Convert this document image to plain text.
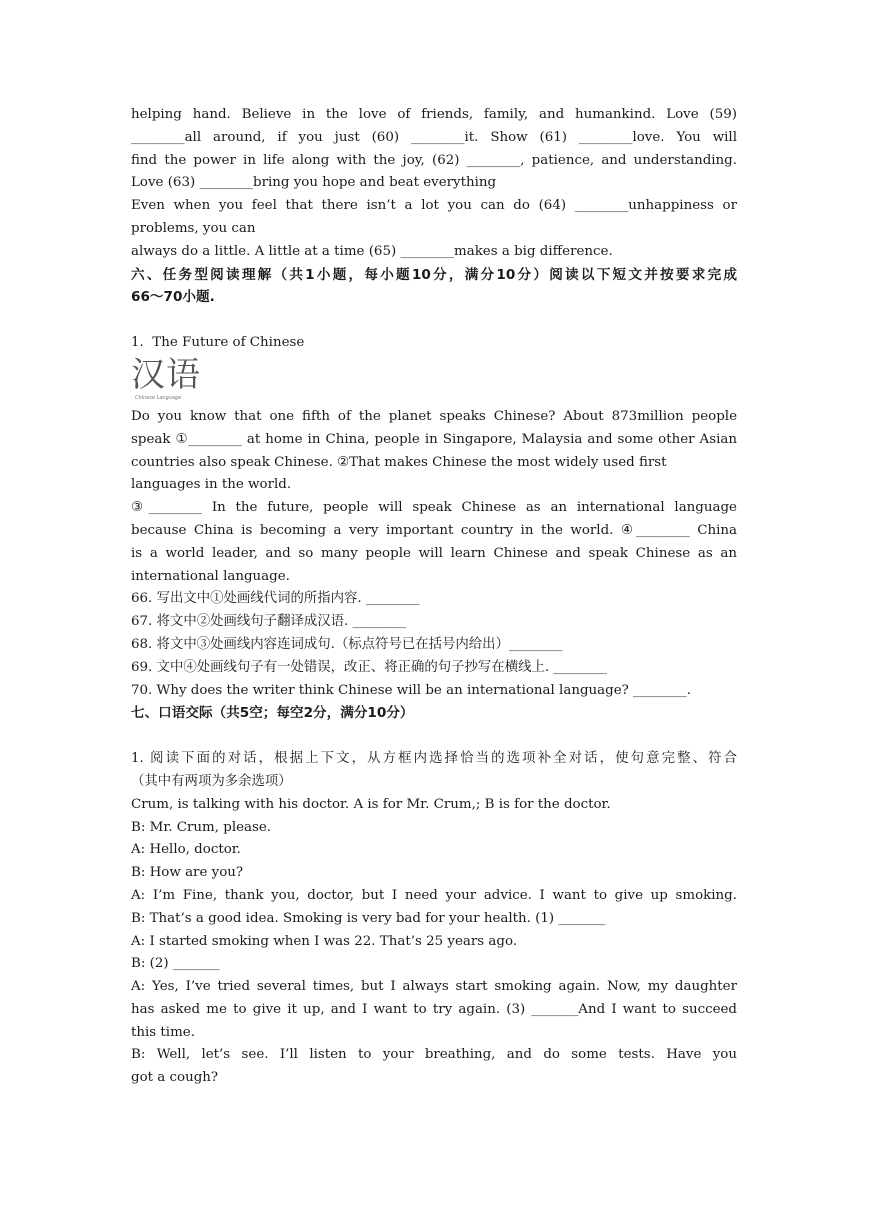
helping hand. Believe in the love of friends, family, and humankind. Love (59)
________all around, if you just (60) ________it. Show (61) ________love. You will
find the power in life along with the joy, (62) ________, patience, and understanding.
Love (63) ________bring you hope and beat everything
Even when you feel that there isn’t a lot you can do (64) ________unhappiness or
problems, you can
always do a little. A little at a time (65) ________makes a big difference.
六、任务型阅读理解（共1小题，每小题10分，满分10分）阅读以下短文并按要求完成
66～70小题.
1.  The Future of Chinese
汉语
Chinese Language
Do you know that one fifth of the planet speaks Chinese? About 873million people
speak ①________ at home in China, people in Singapore, Malaysia and some other Asian
countries also speak Chinese. ②That makes Chinese the most widely used first
languages in the world.
③________ In the future, people will speak Chinese as an international language
because China is becoming a very important country in the world. ④________ China
is a world leader, and so many people will learn Chinese and speak Chinese as an
international language.
66. 写出文中①处画线代词的所指内容. ________
67. 将文中②处画线句子翻译成汉语. ________
68. 将文中③处画线内容连词成句.（标点符号已在括号内给出）________
69. 文中④处画线句子有一处错误，改正、将正确的句子抄写在横线上. ________
70. Why does the writer think Chinese will be an international language? ________.
七、口语交际（共5空；每空2分，满分10分）
1. 阅读下面的对话，根据上下文，从方框内选择恰当的选项补全对话，使句意完整、符合
（其中有两项为多余选项）
Crum, is talking with his doctor. A is for Mr. Crum,; B is for the doctor.
B: Mr. Crum, please.
A: Hello, doctor.
B: How are you?
A: I’m Fine, thank you, doctor, but I need your advice. I want to give up smoking.
B: That’s a good idea. Smoking is very bad for your health. (1) _______
A: I started smoking when I was 22. That’s 25 years ago.
B: (2) _______
A: Yes, I’ve tried several times, but I always start smoking again. Now, my daughter
has asked me to give it up, and I want to try again. (3) _______And I want to succeed
this time.
B: Well, let’s see. I’ll listen to your breathing, and do some tests. Have you
got a cough?
